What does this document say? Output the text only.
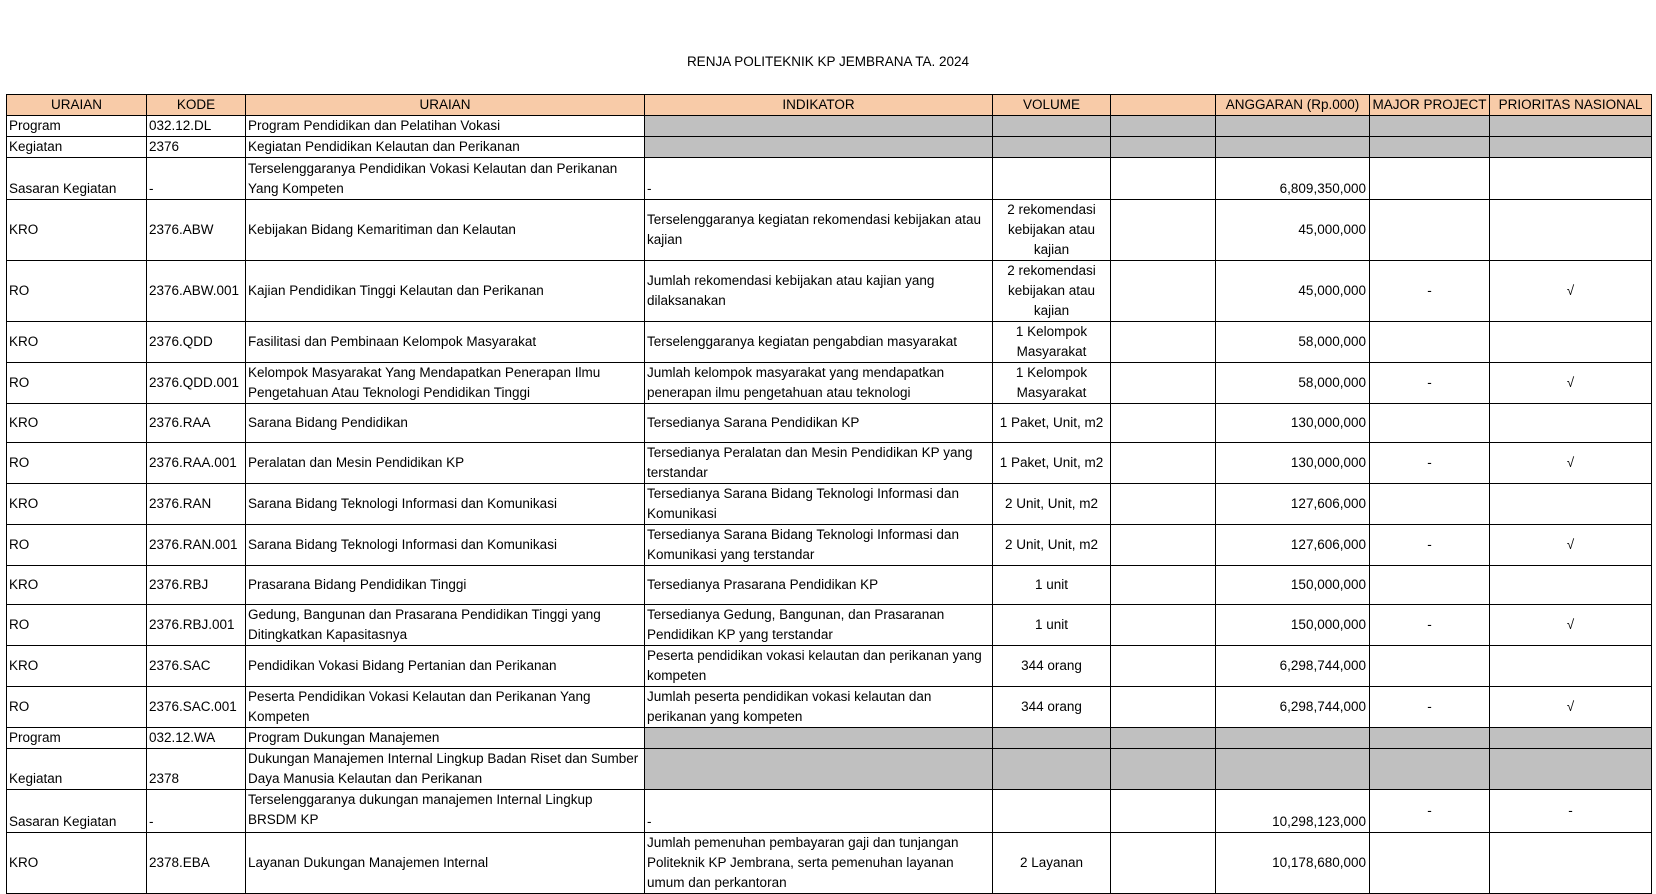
RENJA POLITEKNIK KP JEMBRANA TA. 2024
URAIAN	KODE	URAIAN	INDIKATOR	VOLUME		ANGGARAN (Rp.000)	MAJOR PROJECT	PRIORITAS NASIONAL
Program	032.12.DL	Program Pendidikan dan Pelatihan Vokasi						
Kegiatan	2376	Kegiatan Pendidikan Kelautan dan Perikanan						
Sasaran Kegiatan	-	Terselenggaranya Pendidikan Vokasi Kelautan dan Perikanan Yang Kompeten	-			6,809,350,000		
KRO	2376.ABW	Kebijakan Bidang Kemaritiman dan Kelautan	Terselenggaranya kegiatan rekomendasi kebijakan atau kajian	2 rekomendasi kebijakan atau kajian		45,000,000		
RO	2376.ABW.001	Kajian Pendidikan Tinggi Kelautan dan Perikanan	Jumlah rekomendasi kebijakan atau kajian yang dilaksanakan	2 rekomendasi kebijakan atau kajian		45,000,000	-	√
KRO	2376.QDD	Fasilitasi dan Pembinaan Kelompok Masyarakat	Terselenggaranya kegiatan pengabdian masyarakat	1 Kelompok Masyarakat		58,000,000		
RO	2376.QDD.001	Kelompok Masyarakat Yang Mendapatkan Penerapan Ilmu Pengetahuan Atau Teknologi Pendidikan Tinggi	Jumlah kelompok masyarakat yang mendapatkan penerapan ilmu pengetahuan atau teknologi	1 Kelompok Masyarakat		58,000,000	-	√
KRO	2376.RAA	Sarana Bidang Pendidikan	Tersedianya Sarana Pendidikan KP	1 Paket, Unit, m2		130,000,000		
RO	2376.RAA.001	Peralatan dan Mesin Pendidikan KP	Tersedianya Peralatan dan Mesin Pendidikan KP yang terstandar	1 Paket, Unit, m2		130,000,000	-	√
KRO	2376.RAN	Sarana Bidang Teknologi Informasi dan Komunikasi	Tersedianya Sarana Bidang Teknologi Informasi dan Komunikasi	2 Unit, Unit, m2		127,606,000		
RO	2376.RAN.001	Sarana Bidang Teknologi Informasi dan Komunikasi	Tersedianya Sarana Bidang Teknologi Informasi dan Komunikasi yang terstandar	2 Unit, Unit, m2		127,606,000	-	√
KRO	2376.RBJ	Prasarana Bidang Pendidikan Tinggi	Tersedianya Prasarana Pendidikan KP	1 unit		150,000,000		
RO	2376.RBJ.001	Gedung, Bangunan dan Prasarana Pendidikan Tinggi yang Ditingkatkan Kapasitasnya	Tersedianya Gedung, Bangunan, dan Prasaranan Pendidikan KP yang terstandar	1 unit		150,000,000	-	√
KRO	2376.SAC	Pendidikan Vokasi Bidang Pertanian dan Perikanan	Peserta pendidikan vokasi kelautan dan perikanan yang kompeten	344 orang		6,298,744,000		
RO	2376.SAC.001	Peserta Pendidikan Vokasi Kelautan dan Perikanan Yang Kompeten	Jumlah peserta pendidikan vokasi kelautan dan perikanan yang kompeten	344 orang		6,298,744,000	-	√
Program	032.12.WA	Program Dukungan Manajemen						
Kegiatan	2378	Dukungan Manajemen Internal Lingkup Badan Riset dan Sumber Daya Manusia Kelautan dan Perikanan						
Sasaran Kegiatan	-	Terselenggaranya dukungan manajemen Internal Lingkup BRSDM KP	-			10,298,123,000	-	-
KRO	2378.EBA	Layanan Dukungan Manajemen Internal	Jumlah pemenuhan pembayaran gaji dan tunjangan Politeknik KP Jembrana, serta pemenuhan layanan umum dan perkantoran	2 Layanan		10,178,680,000		
